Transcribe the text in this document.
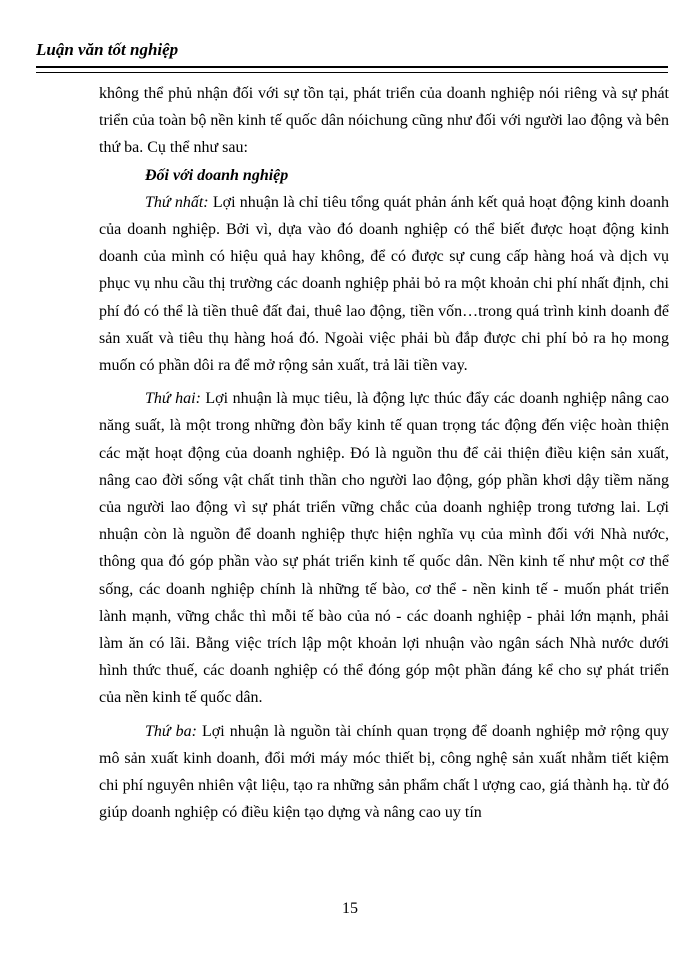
Luận văn tốt nghiệp

không thể phủ nhận đối với sự tồn tại, phát triển của doanh nghiệp nói riêng và sự phát triển của toàn bộ nền kinh tế quốc dân nóichung cũng như đối với người lao động và bên thứ ba. Cụ thể như sau:

Đối với doanh nghiệp

Thứ nhất: Lợi nhuận là chỉ tiêu tổng quát phản ánh kết quả hoạt động kinh doanh của doanh nghiệp. Bởi vì, dựa vào đó doanh nghiệp có thể biết được hoạt động kinh doanh của mình có hiệu quả hay không, để có được sự cung cấp hàng hoá và dịch vụ phục vụ nhu cầu thị trường các doanh nghiệp phải bỏ ra một khoản chi phí nhất định, chi phí đó có thể là tiền thuê đất đai, thuê lao động, tiền vốn…trong quá trình kinh doanh để sản xuất và tiêu thụ hàng hoá đó. Ngoài việc phải bù đắp được chi phí bỏ ra họ mong muốn có phần dôi ra để mở rộng sản xuất, trả lãi tiền vay.

Thứ hai: Lợi nhuận là mục tiêu, là động lực thúc đẩy các doanh nghiệp nâng cao năng suất, là một trong những đòn bẩy kinh tế quan trọng tác động đến việc hoàn thiện các mặt hoạt động của doanh nghiệp. Đó là nguồn thu để cải thiện điều kiện sản xuất, nâng cao đời sống vật chất tinh thần cho người lao động, góp phần khơi dậy tiềm năng của người lao động vì sự phát triển vững chắc của doanh nghiệp trong tương lai. Lợi nhuận còn là nguồn để doanh nghiệp thực hiện nghĩa vụ của mình đối với Nhà nước, thông qua đó góp phần vào sự phát triển kinh tế quốc dân. Nền kinh tế như một cơ thể sống, các doanh nghiệp chính là những tế bào, cơ thể - nền kinh tế - muốn phát triển lành mạnh, vững chắc thì mỗi tế bào của nó - các doanh nghiệp - phải lớn mạnh, phải làm ăn có lãi. Bằng việc trích lập một khoản lợi nhuận vào ngân sách Nhà nước dưới hình thức thuế, các doanh nghiệp có thể đóng góp một phần đáng kể cho sự phát triển của nền kinh tế quốc dân.

Thứ ba: Lợi nhuận là nguồn tài chính quan trọng để doanh nghiệp mở rộng quy mô sản xuất kinh doanh, đổi mới máy móc thiết bị, công nghệ sản xuất nhằm tiết kiệm chi phí nguyên nhiên vật liệu, tạo ra những sản phẩm chất l ượng cao, giá thành hạ. từ đó giúp doanh nghiệp có điều kiện tạo dựng và nâng cao uy tín

15
